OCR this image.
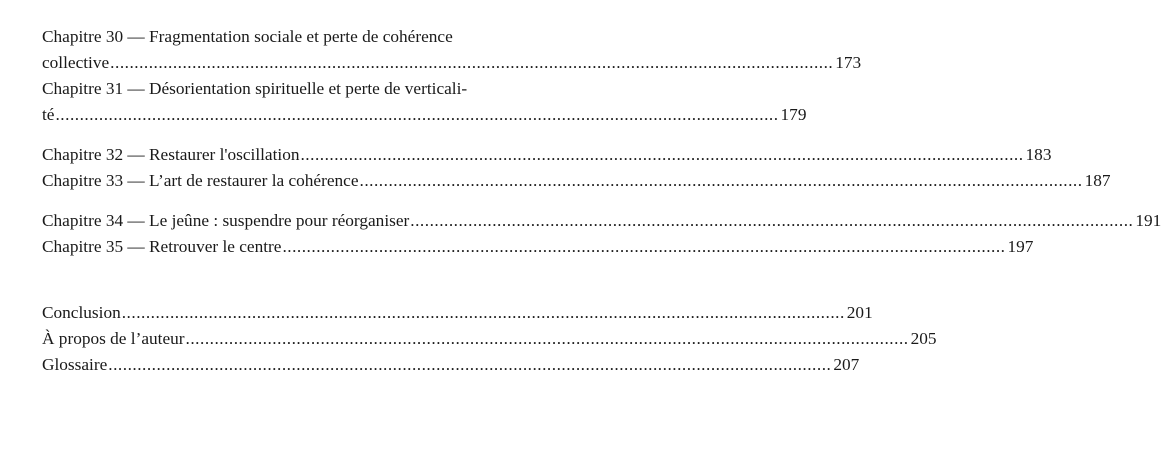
Chapitre 30 — Fragmentation sociale et perte de cohérence
collective ...................................................................................................................................................... 173
Chapitre 31 — Désorientation spirituelle et perte de verticali-
té ...................................................................................................................................................... 179
Chapitre 32 — Restaurer l'oscillation ...................................................................................................................................................... 183
Chapitre 33 — L’art de restaurer la cohérence ...................................................................................................................................................... 187
Chapitre 34 — Le jeûne : suspendre pour réorganiser ...................................................................................................................................................... 191
Chapitre 35 — Retrouver le centre ...................................................................................................................................................... 197
Conclusion ...................................................................................................................................................... 201
À propos de l’auteur ...................................................................................................................................................... 205
Glossaire ...................................................................................................................................................... 207
